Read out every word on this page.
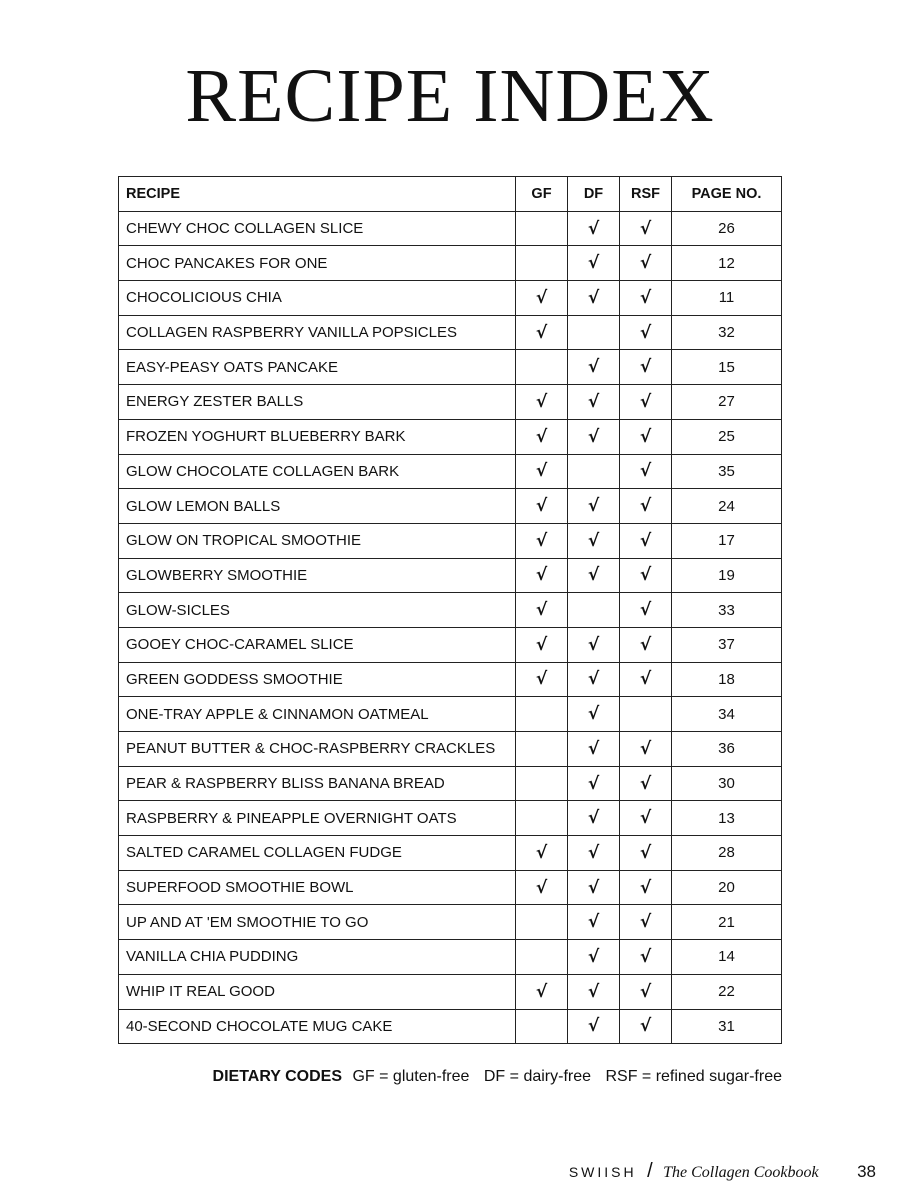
RECIPE INDEX
RECIPE	GF	DF	RSF	PAGE NO.
CHEWY CHOC COLLAGEN SLICE		√	√	26
CHOC PANCAKES FOR ONE		√	√	12
CHOCOLICIOUS CHIA	√	√	√	11
COLLAGEN RASPBERRY VANILLA POPSICLES	√		√	32
EASY-PEASY OATS PANCAKE		√	√	15
ENERGY ZESTER BALLS	√	√	√	27
FROZEN YOGHURT BLUEBERRY BARK	√	√	√	25
GLOW CHOCOLATE COLLAGEN BARK	√		√	35
GLOW LEMON BALLS	√	√	√	24
GLOW ON TROPICAL SMOOTHIE	√	√	√	17
GLOWBERRY SMOOTHIE	√	√	√	19
GLOW-SICLES	√		√	33
GOOEY CHOC-CARAMEL SLICE	√	√	√	37
GREEN GODDESS SMOOTHIE	√	√	√	18
ONE-TRAY APPLE & CINNAMON OATMEAL		√		34
PEANUT BUTTER & CHOC-RASPBERRY CRACKLES		√	√	36
PEAR & RASPBERRY BLISS BANANA BREAD		√	√	30
RASPBERRY & PINEAPPLE OVERNIGHT OATS		√	√	13
SALTED CARAMEL COLLAGEN FUDGE	√	√	√	28
SUPERFOOD SMOOTHIE BOWL	√	√	√	20
UP AND AT 'EM SMOOTHIE TO GO		√	√	21
VANILLA CHIA PUDDING		√	√	14
WHIP IT REAL GOOD	√	√	√	22
40-SECOND CHOCOLATE MUG CAKE		√	√	31
DIETARY CODES GF = gluten-free DF = dairy-free RSF = refined sugar-free
SWIISH / The Collagen Cookbook 38
